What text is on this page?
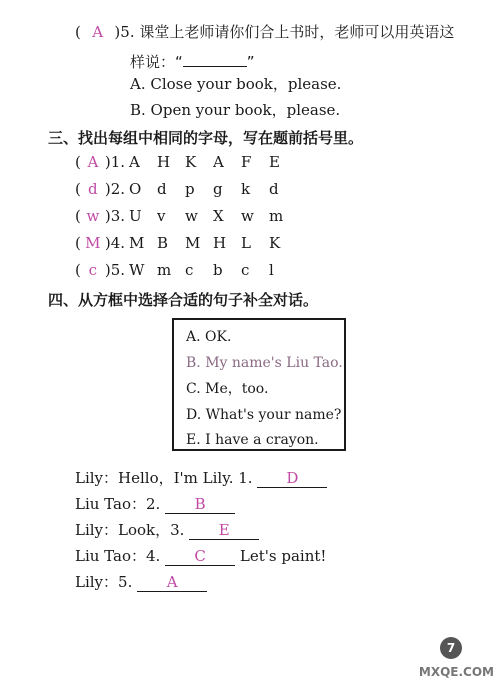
( A )5. 课堂上老师请你们合上书时，老师可以用英语这
样说：“	”
A. Close your book，please.
B. Open your book，please.
三、找出每组中相同的字母，写在题前括号里。
( A )1. A H K A F E
( d )2. O d p g k d
( w )3. U v w X w m
( M )4. M B M H L K
( c )5. W m c b c l
四、从方框中选择合适的句子补全对话。
A. OK.
B. My name's Liu Tao.
C. Me，too.
D. What's your name?
E. I have a crayon.
Lily：Hello，I'm Lily. 1. D
Liu Tao：2. B
Lily：Look，3. E
Liu Tao：4. C Let's paint!
Lily：5. A
7
MXQE.COM
